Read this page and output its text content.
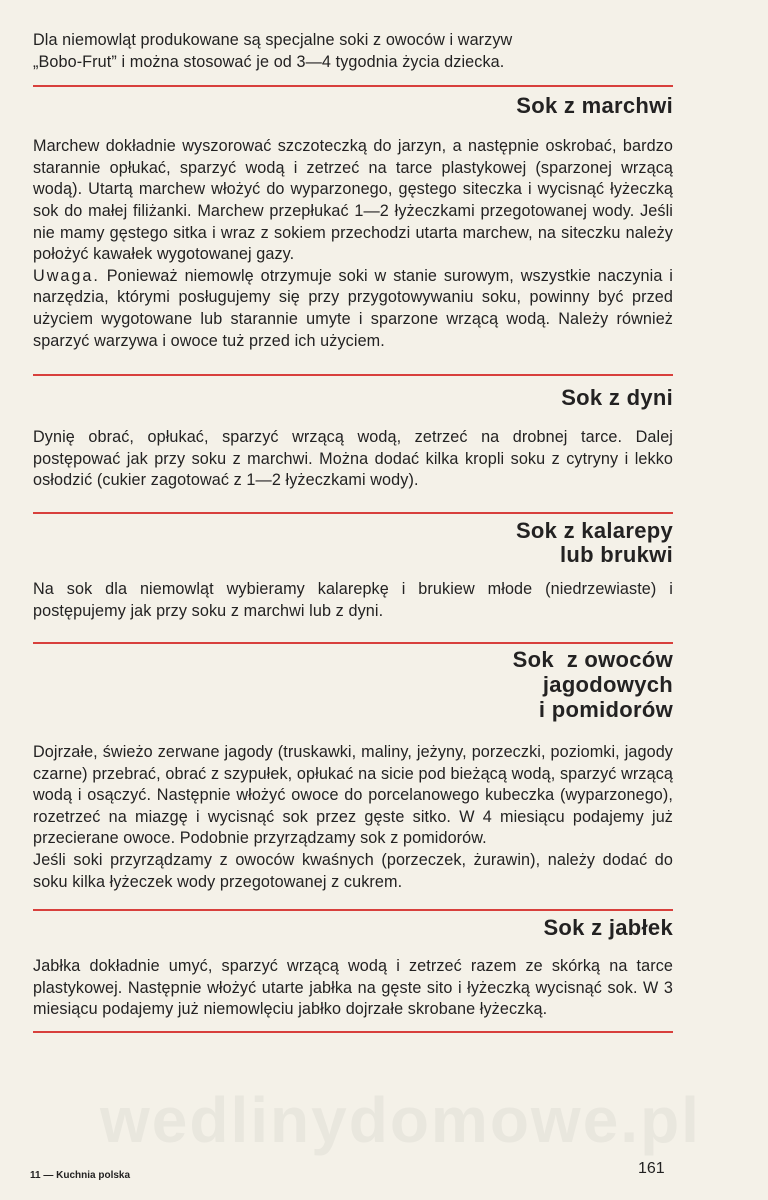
Dla niemowląt produkowane są specjalne soki z owoców i warzyw

„Bobo-Frut” i można stosować je od 3—4 tygodnia życia dziecka.

Sok z marchwi

Marchew dokładnie wyszorować szczoteczką do jarzyn, a następnie oskrobać, bardzo starannie opłukać, sparzyć wodą i zetrzeć na tarce plastykowej (sparzonej wrzącą wodą). Utartą marchew włożyć do wyparzonego, gęstego siteczka i wycisnąć łyżeczką sok do małej filiżanki. Marchew przepłukać 1—2 łyżeczkami przegotowanej wody. Jeśli nie mamy gęstego sitka i wraz z sokiem przechodzi utarta marchew, na siteczku należy położyć kawałek wygotowanej gazy.

Uwaga. Ponieważ niemowlę otrzymuje soki w stanie surowym, wszystkie naczynia i narzędzia, którymi posługujemy się przy przygotowywaniu soku, powinny być przed użyciem wygotowane lub starannie umyte i sparzone wrzącą wodą. Należy również sparzyć warzywa i owoce tuż przed ich użyciem.

Sok z dyni

Dynię obrać, opłukać, sparzyć wrzącą wodą, zetrzeć na drobnej tarce. Dalej postępować jak przy soku z marchwi. Można dodać kilka kropli soku z cytryny i lekko osłodzić (cukier zagotować z 1—2 łyżeczkami wody).

Sok z kalarepy
lub brukwi

Na sok dla niemowląt wybieramy kalarepkę i brukiew młode (niedrzewiaste) i postępujemy jak przy soku z marchwi lub z dyni.

Sok  z owoców
jagodowych
i pomidorów

Dojrzałe, świeżo zerwane jagody (truskawki, maliny, jeżyny, porzeczki, poziomki, jagody czarne) przebrać, obrać z szypułek, opłukać na sicie pod bieżącą wodą, sparzyć wrzącą wodą i osączyć. Następnie włożyć owoce do porcelanowego kubeczka (wyparzonego), rozetrzeć na miazgę i wycisnąć sok przez gęste sitko. W 4 miesiącu podajemy już przecierane owoce. Podobnie przyrządzamy sok z pomidorów.

Jeśli soki przyrządzamy z owoców kwaśnych (porzeczek, żurawin), należy dodać do soku kilka łyżeczek wody przegotowanej z cukrem.

Sok z jabłek

Jabłka dokładnie umyć, sparzyć wrzącą wodą i zetrzeć razem ze skórką na tarce plastykowej. Następnie włożyć utarte jabłka na gęste sito i łyżeczką wycisnąć sok. W 3 miesiącu podajemy już niemowlęciu jabłko dojrzałe skrobane łyżeczką.

wedlinydomowe.pl
11 — Kuchnia polska	161
